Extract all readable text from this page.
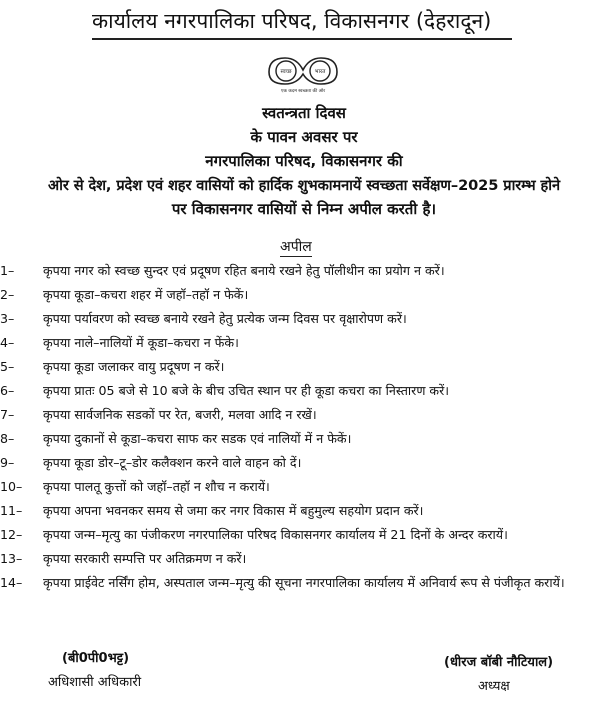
कार्यालय नगरपालिका परिषद, विकासनगर (देहरादून)
स्वच्छ	भारत
एक कदम स्वच्छता की ओर
स्वतन्त्रता दिवस
के पावन अवसर पर
नगरपालिका परिषद, विकासनगर की
ओर से देश, प्रदेश एवं शहर वासियों को हार्दिक शुभकामनायें स्वच्छता सर्वेक्षण–2025 प्रारम्भ होने
पर विकासनगर वासियों से निम्न अपील करती है।
अपील
1–	कृपया नगर को स्वच्छ सुन्दर एवं प्रदूषण रहित बनाये रखने हेतु पॉलीथीन का प्रयोग न करें।
2–	कृपया कूडा–कचरा शहर में जहॉ–तहॉ न फेकें।
3–	कृपया पर्यावरण को स्वच्छ बनाये रखने हेतु प्रत्येक जन्म दिवस पर वृक्षारोपण करें।
4–	कृपया नाले–नालियों में कूडा–कचरा न फेंके।
5–	कृपया कूडा जलाकर वायु प्रदूषण न करें।
6–	कृपया प्रातः 05 बजे से 10 बजे के बीच उचित स्थान पर ही कूडा कचरा का निस्तारण करें।
7–	कृपया सार्वजनिक सडकों पर रेत, बजरी, मलवा आदि न रखें।
8–	कृपया दुकानों से कूडा–कचरा साफ कर सडक एवं नालियों में न फेकें।
9–	कृपया कूडा डोर–टू–डोर कलैक्शन करने वाले वाहन को दें।
10– कृपया पालतू कुत्तों को जहॉ–तहॉ न शौच न करायें।
11– कृपया अपना भवनकर समय से जमा कर नगर विकास में बहुमुल्य सहयोग प्रदान करें।
12– कृपया जन्म–मृत्यु का पंजीकरण नगरपालिका परिषद विकासनगर कार्यालय में 21 दिनों के अन्दर करायें।
13– कृपया सरकारी सम्पत्ति पर अतिक्रमण न करें।
14– कृपया प्राईवेट नर्सिंग होम, अस्पताल जन्म–मृत्यु की सूचना नगरपालिका कार्यालय में अनिवार्य रूप से पंजीकृत करायें।
(बी0पी0भट्ट)
अधिशासी अधिकारी
(धीरज बॉबी नौटियाल)
अध्यक्ष
